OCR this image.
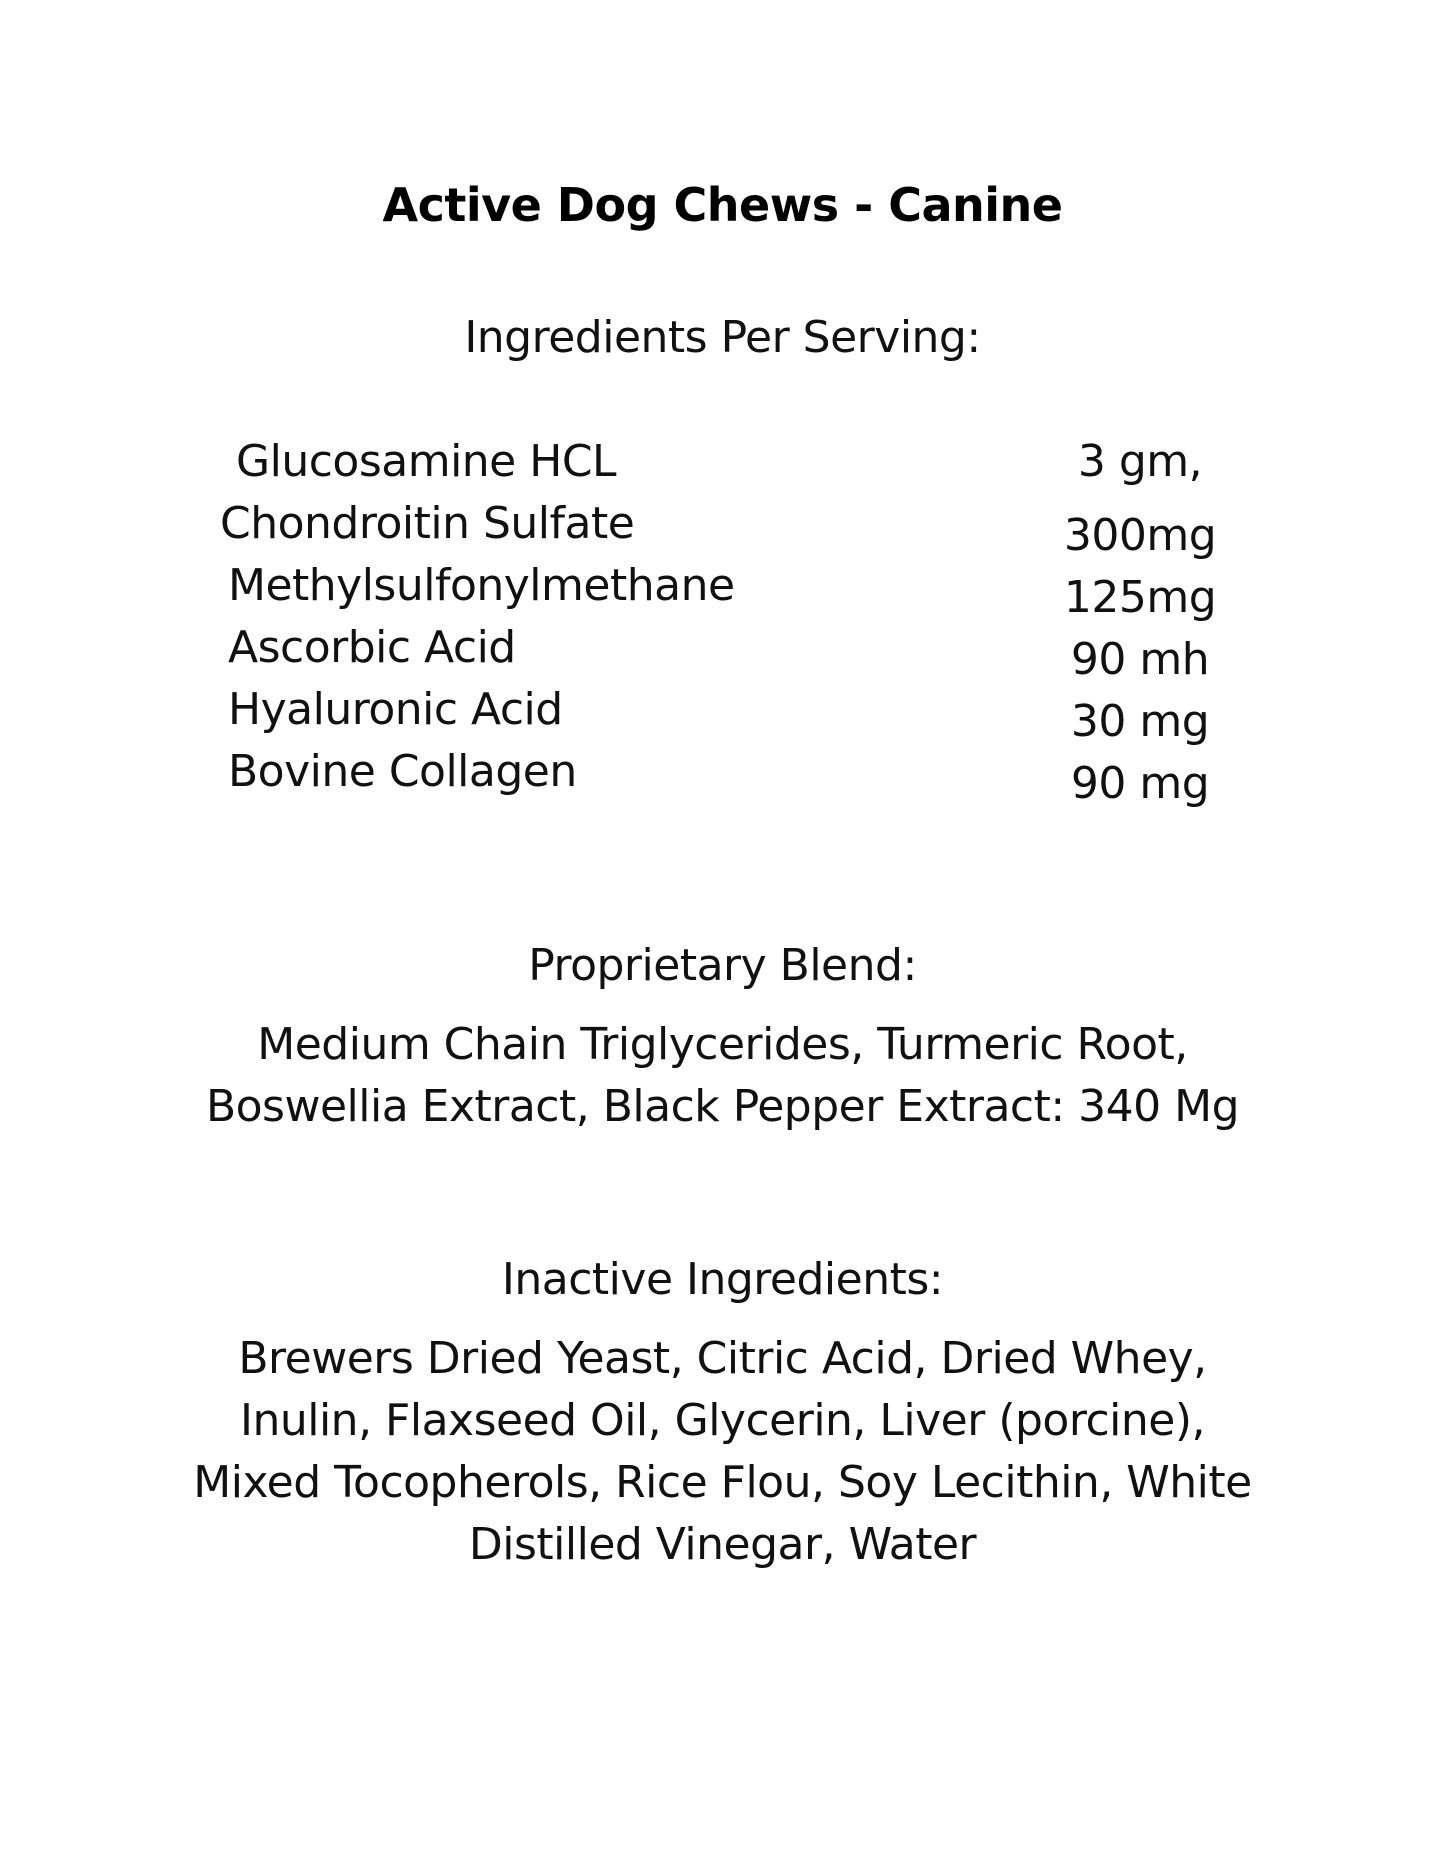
Active Dog Chews - Canine
Ingredients Per Serving:
Glucosamine HCL
Chondroitin Sulfate
Methylsulfonylmethane
Ascorbic Acid
Hyaluronic Acid
Bovine Collagen
3 gm,
300mg
125mg
90 mh
30 mg
90 mg
Proprietary Blend:
Medium Chain Triglycerides, Turmeric Root,
Boswellia Extract, Black Pepper Extract: 340 Mg
Inactive Ingredients:
Brewers Dried Yeast, Citric Acid, Dried Whey,
Inulin, Flaxseed Oil, Glycerin, Liver (porcine),
Mixed Tocopherols, Rice Flou, Soy Lecithin, White
Distilled Vinegar, Water
